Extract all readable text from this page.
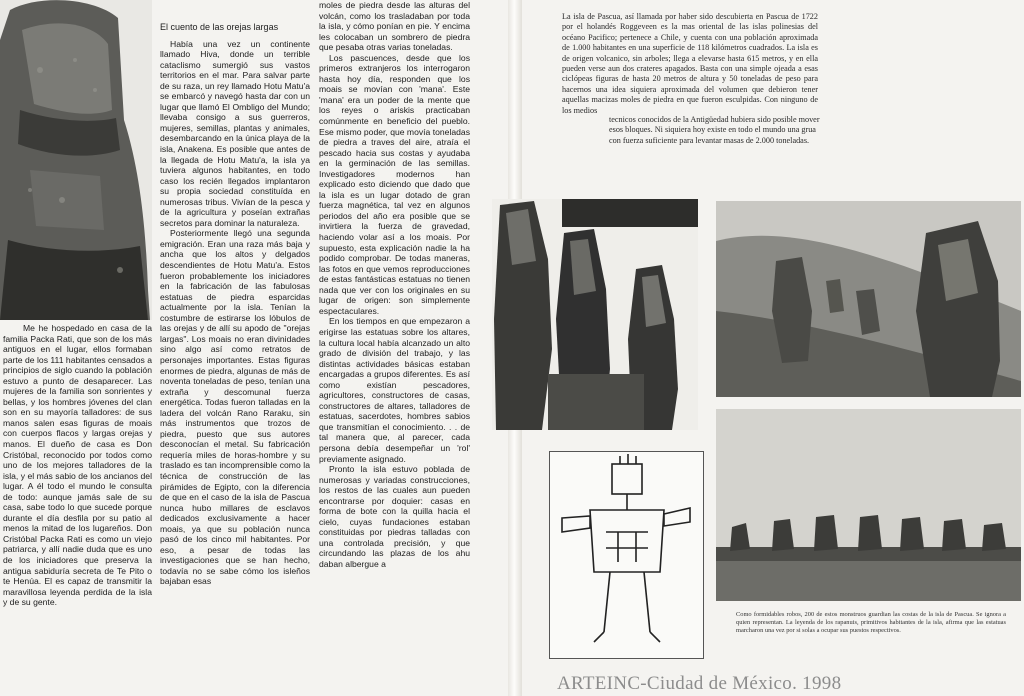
Me he hospedado en casa de la familia Packa Rati, que son de los más antiguos en el lugar, ellos formaban parte de los 111 habitantes censados a principios de siglo cuando la población estuvo a punto de desaparecer. Las mujeres de la familia son sonrientes y bellas, y los hombres jóvenes del clan son en su mayoría talladores: de sus manos salen esas figuras de moais con cuerpos flacos y largas orejas y manos. El dueño de casa es Don Cristóbal, reconocido por todos como uno de los mejores talladores de la isla, y el más sabio de los ancianos del lugar. A él todo el mundo le consulta de todo: aunque jamás sale de su casa, sabe todo lo que sucede porque durante el día desfila por su patio al menos la mitad de los lugareños. Don Cristóbal Packa Rati es como un viejo patriarca, y allí nadie duda que es uno de los iniciadores que preserva la antigua sabiduría secreta de Te Pito o te Henúa. El es capaz de transmitir la maravillosa leyenda perdida de la isla y de su gente.

El cuento de las orejas largas

Había una vez un continente llamado Hiva, donde un terrible cataclismo sumergió sus vastos territorios en el mar. Para salvar parte de su raza, un rey llamado Hotu Matu'a se embarcó y navegó hasta dar con un lugar que llamó El Ombligo del Mundo; llevaba consigo a sus guerreros, mujeres, semillas, plantas y animales, desembarcando en la única playa de la isla, Anakena. Es posible que antes de la llegada de Hotu Matu'a, la isla ya tuviera algunos habitantes, en todo caso los recién llegados implantaron su propia sociedad constituída en numerosas tribus. Vivían de la pesca y de la agricultura y poseían extrañas secretos para dominar la naturaleza.

Posteriormente llegó una segunda emigración. Eran una raza más baja y ancha que los altos y delgados descendientes de Hotu Matu'a. Estos fueron probablemente los iniciadores en la fabricación de las fabulosas estatuas de piedra esparcidas actualmente por la isla. Tenían la costumbre de estirarse los lóbulos de las orejas y de allí su apodo de "orejas largas". Los moais no eran divinidades sino algo así como retratos de personajes importantes. Estas figuras enormes de piedra, algunas de más de noventa toneladas de peso, tenían una extraña y descomunal fuerza energética. Todas fueron talladas en la ladera del volcán Rano Raraku, sin más instrumentos que trozos de piedra, puesto que sus autores desconocían el metal. Su fabricación requería miles de horas-hombre y su traslado es tan incomprensible como la técnica de construcción de las pirámides de Egipto, con la diferencia de que en el caso de la isla de Pascua nunca hubo millares de esclavos dedicados exclusivamente a hacer moais, ya que su población nunca pasó de los cinco mil habitantes. Por eso, a pesar de todas las investigaciones que se han hecho, todavía no se sabe cómo los isleños bajaban esas

moles de piedra desde las alturas del volcán, como los trasladaban por toda la isla, y cómo ponían en pie. Y encima les colocaban un sombrero de piedra que pesaba otras varias toneladas.

Los pascuences, desde que los primeros extranjeros los interrogaron hasta hoy día, responden que los moais se movían con 'mana'. Este 'mana' era un poder de la mente que los reyes o ariskis practicaban comúnmente en beneficio del pueblo. Ese mismo poder, que movía toneladas de piedra a traves del aire, atraía el pescado hacia sus costas y ayudaba en la germinación de las semillas. Investigadores modernos han explicado esto diciendo que dado que la isla es un lugar dotado de gran fuerza magnética, tal vez en algunos periodos del año era posible que se invirtiera la fuerza de gravedad, haciendo volar así a los moais. Por supuesto, esta explicación nadie la ha podido comprobar. De todas maneras, las fotos en que vemos reproducciones de estas fantásticas estatuas no tienen nada que ver con los originales en su lugar de origen: son simplemente espectaculares.

En los tiempos en que empezaron a erigirse las estatuas sobre los altares, la cultura local había alcanzado un alto grado de división del trabajo, y las distintas actividades básicas estaban encargadas a grupos diferentes. Es así como existían pescadores, agricultores, constructores de casas, constructores de altares, talladores de estatuas, sacerdotes, hombres sabios que transmitían el conocimiento. . . de tal manera que, al parecer, cada persona debía desempeñar un 'rol' previamente asignado.

Pronto la isla estuvo poblada de numerosas y variadas construcciones, los restos de las cuales aun pueden encontrarse por doquier: casas en forma de bote con la quilla hacia el cielo, cuyas fundaciones estaban constituidas por piedras talladas con una controlada precisión, y que circundando las plazas de los ahu daban albergue a

La isla de Pascua, así llamada por haber sido descubierta en Pascua de 1722 por el holandés Roggeveen es la mas oriental de las islas polinesias del océano Pacifico; pertenece a Chile, y cuenta con una población aproximada de 1.000 habitantes en una superficie de 118 kilómetros cuadrados. La isla es de origen volcanico, sin arboles; llega a elevarse hasta 615 metros, y en ella pueden verse aun dos crateres apagados. Basta con una simple ojeada a esas ciclópeas figuras de hasta 20 metros de altura y 50 toneladas de peso para hacernos una idea siquiera aproximada del volumen que debieron tener aquellas macizas moles de piedra en que fueron esculpidas. Con ninguno de los medios
tecnicos conocidos de la Antigüedad hubiera sido posible mover esos bloques. Ni siquiera hoy existe en todo el mundo una grua con fuerza suficiente para levantar masas de 2.000 toneladas.
Como formidables robos, 200 de estos monstruos guardian las costas de la isla de Pascua. Se ignora a quien representan. La leyenda de los rapanuis, primitivos habitantes de la isla, afirma que las estatuas marcharon una vez por si solas a ocupar sus puestos respectivos.
ARTEINC-Ciudad de México. 1998
